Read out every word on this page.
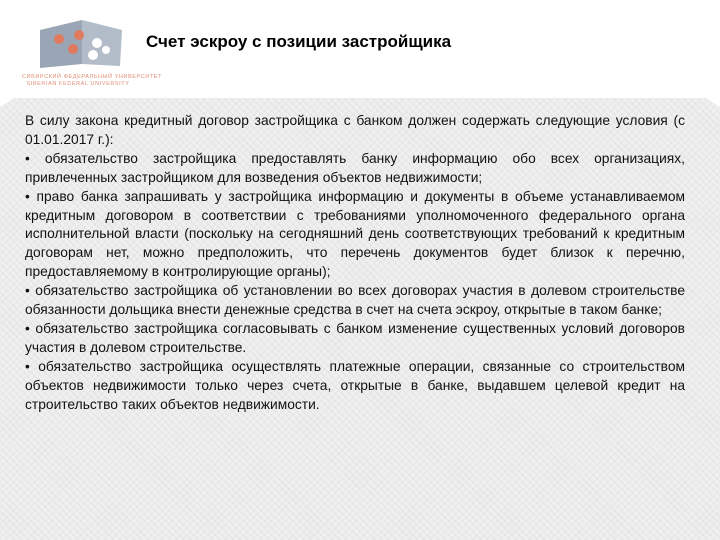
СИБИРСКИЙ ФЕДЕРАЛЬНЫЙ УНИВЕРСИТЕТ
SIBERIAN FEDERAL UNIVERSITY
Счет эскроу с позиции застройщика

В силу закона кредитный договор застройщика с банком должен содержать следующие условия (с 01.01.2017 г.):

• обязательство застройщика предоставлять банку информацию обо всех организациях, привлеченных застройщиком для возведения объектов недвижимости;

• право банка запрашивать у застройщика информацию и документы в объеме устанавливаемом кредитным договором в соответствии с требованиями уполномоченного федерального органа исполнительной власти (поскольку на сегодняшний день соответствующих требований к кредитным договорам нет, можно предположить, что перечень документов будет близок к перечню, предоставляемому в контролирующие органы);

• обязательство застройщика об установлении во всех договорах участия в долевом строительстве обязанности дольщика внести денежные средства в счет на счета эскроу, открытые в таком банке;

• обязательство застройщика согласовывать с банком изменение существенных условий договоров участия в долевом строительстве.

• обязательство застройщика осуществлять платежные операции, связанные со строительством объектов недвижимости только через счета, открытые в банке, выдавшем целевой кредит на строительство таких объектов недвижимости.
